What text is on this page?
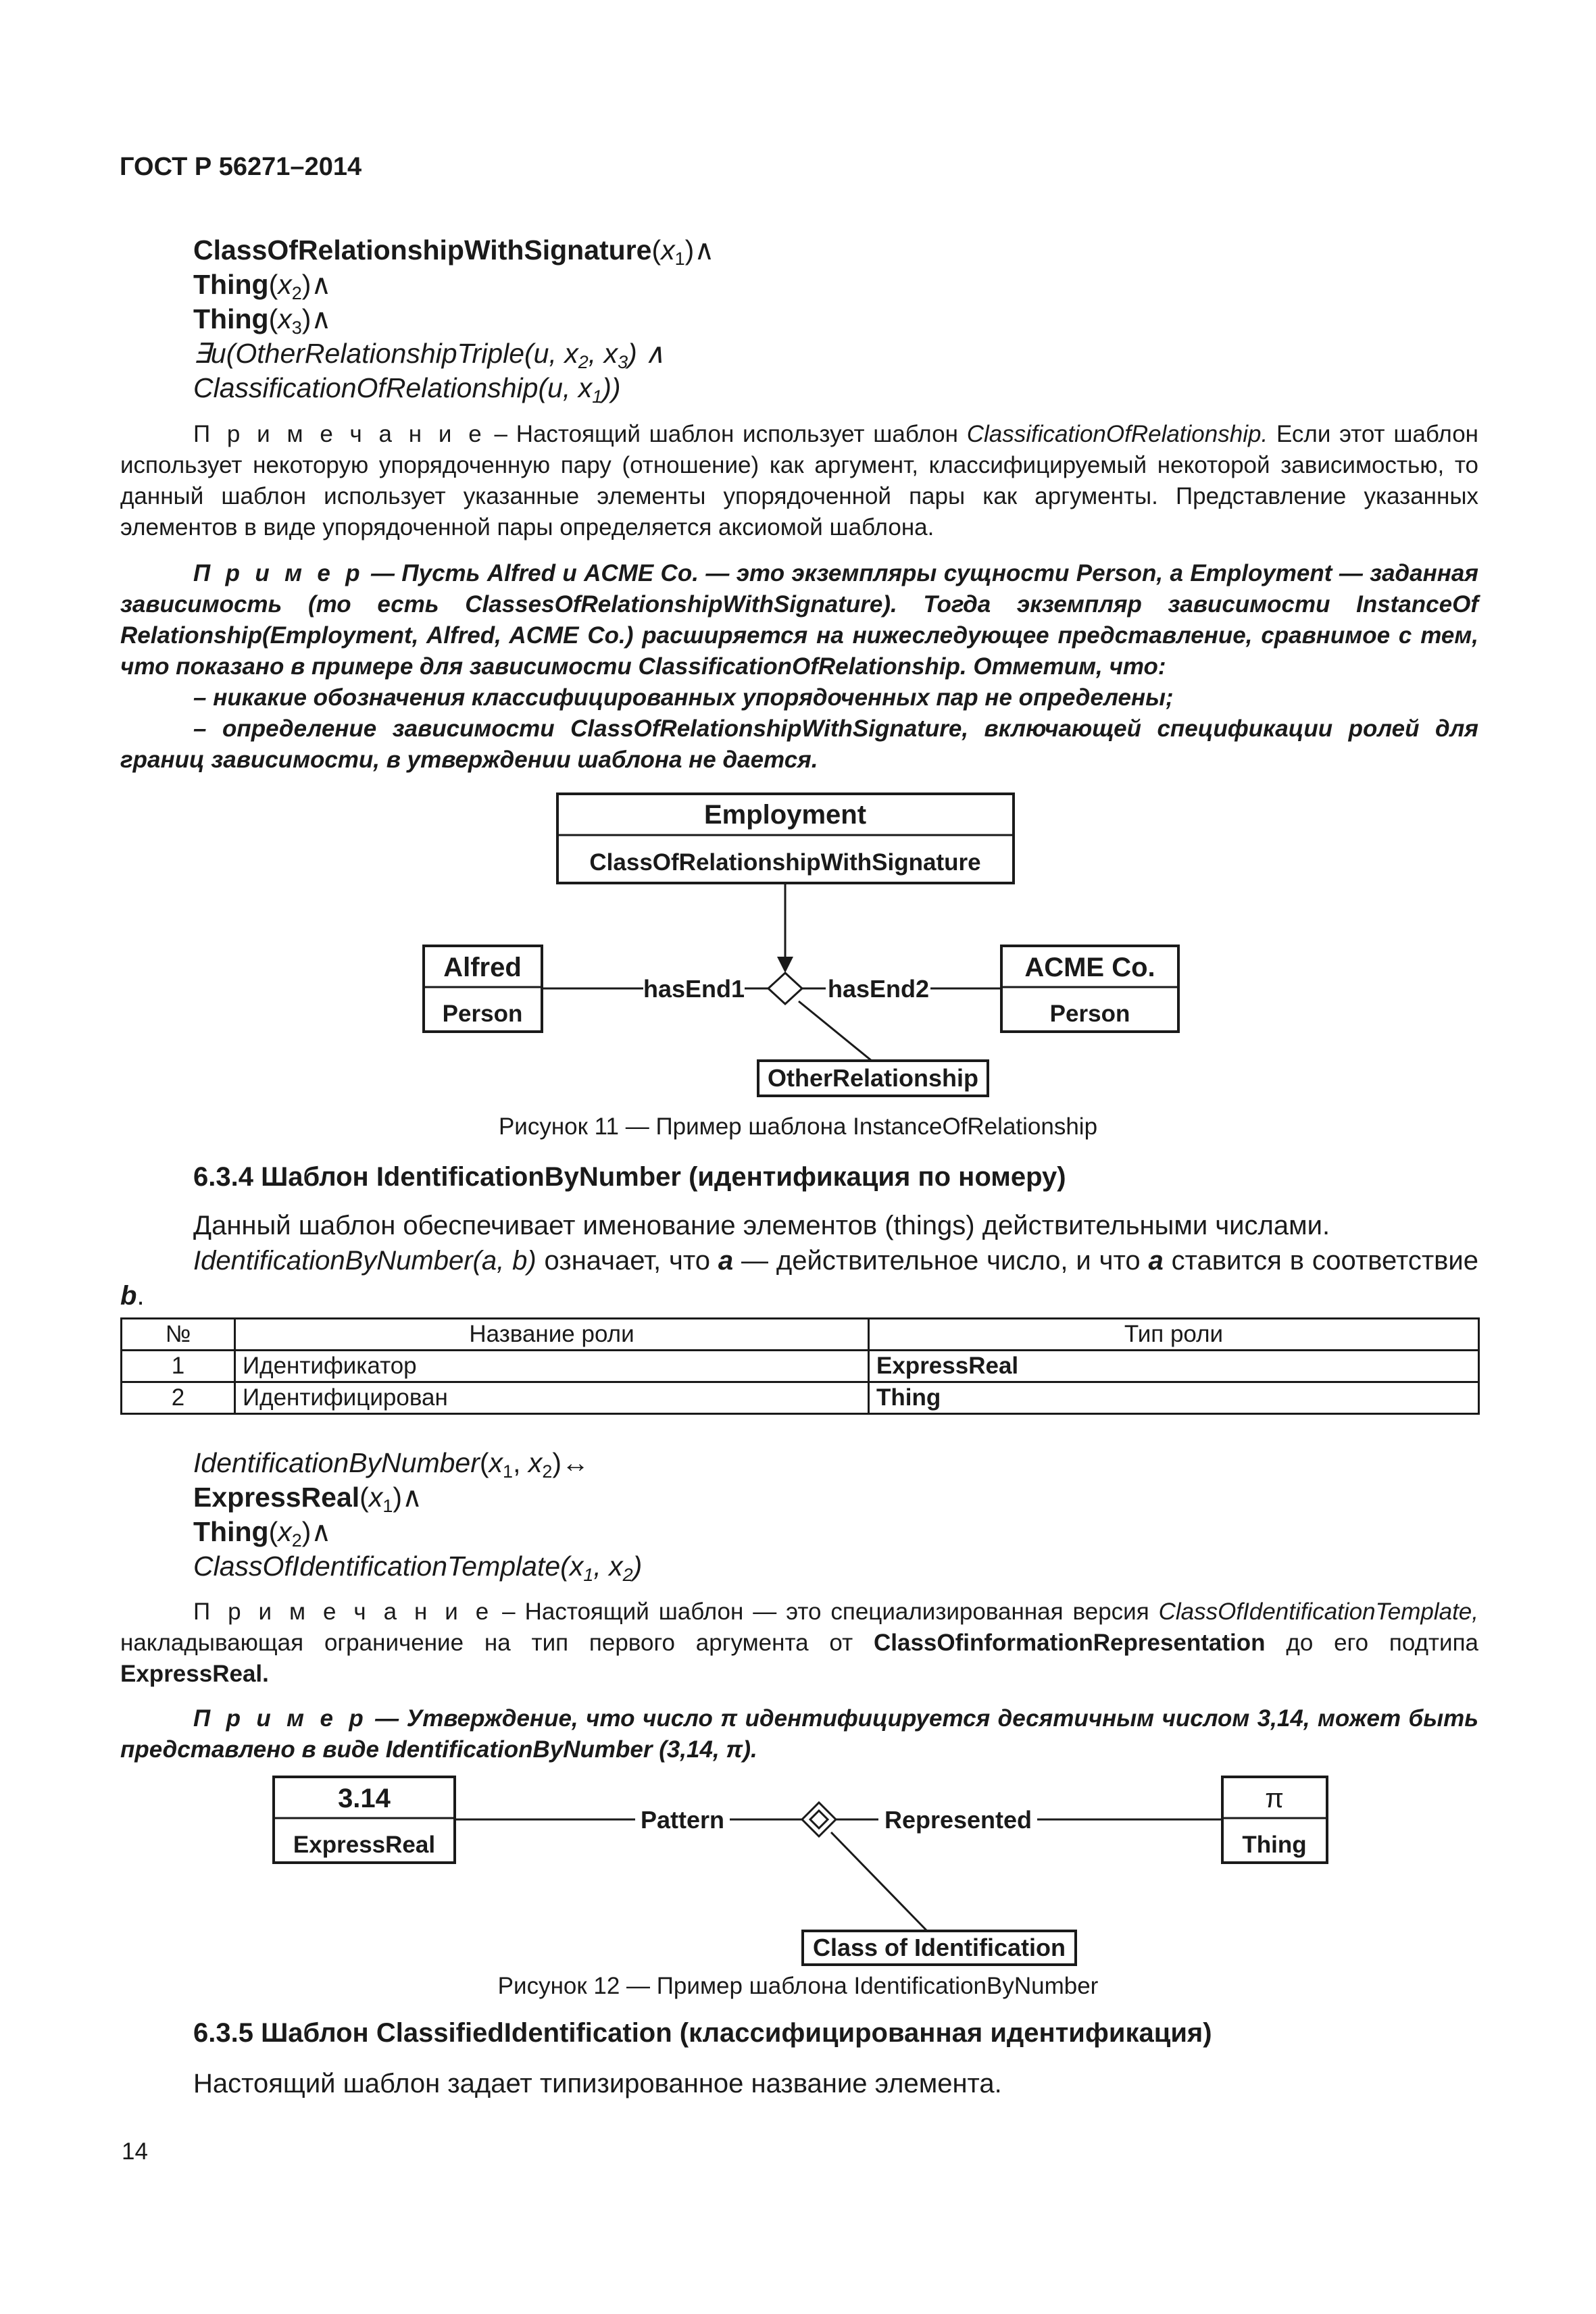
ГОСТ Р 56271–2014
$ClassOfRelationshipWithSignature(x_1)\wedge$
$Thing(x_2)\wedge$
$Thing(x_3)\wedge$
∃u(OtherRelationshipTriple(u, $x_2$, $x_3$) ∧
ClassificationOfRelationship(u, $x_1$))
П р и м е ч а н и е – Настоящий шаблон использует шаблон ClassificationOfRelationship. Если этот шаблон использует некоторую упорядоченную пару (отношение) как аргумент, классифицируемый некоторой зависимостью, то данный шаблон использует указанные элементы упорядоченной пары как аргументы. Представление указанных элементов в виде упорядоченной пары определяется аксиомой шаблона.
П р и м е р — Пусть Alfred и ACME Co. — это экземпляры сущности Person, а Employment — заданная зависимость (то есть ClassesOfRelationshipWithSignature). Тогда экземпляр зависимости InstanceOf Relationship(Employment, Alfred, ACME Co.) расширяется на нижеследующее представление, сравнимое с тем, что показано в примере для зависимости ClassificationOfRelationship. Отметим, что:
– никакие обозначения классифицированных упорядоченных пар не определены;
– определение зависимости ClassOfRelationshipWithSignature, включающей спецификации ролей для границ зависимости, в утверждении шаблона не дается.
Employment
ClassOfRelationshipWithSignature
Alfred
Person
ACME Co.
Person
hasEnd1	hasEnd2
OtherRelationship
Рисунок 11 — Пример шаблона InstanceOfRelationship
6.3.4 Шаблон IdentificationByNumber (идентификация по номеру)
Данный шаблон обеспечивает именование элементов (things) действительными числами.
IdentificationByNumber(a, b) означает, что a — действительное число, и что a ставится в соответствие b.
№	Название роли	Тип роли
1	Идентификатор	ExpressReal
2	Идентифицирован	Thing
$IdentificationByNumber(x_1$, $x_2)\leftrightarrow$
$ExpressReal(x_1)\wedge$
$Thing(x_2)\wedge$
$ClassOfIdentificationTemplate(x_1$, $x_2$)
П р и м е ч а н и е – Настоящий шаблон — это специализированная версия ClassOfIdentificationTemplate, накладывающая ограничение на тип первого аргумента от ClassOfinformationRepresentation до его подтипа ExpressReal.
П р и м е р — Утверждение, что число π идентифицируется десятичным числом 3,14, может быть представлено в виде IdentificationByNumber (3,14, π).
3.14
ExpressReal
π
Thing
Pattern	Represented
Class of Identification
Рисунок 12 — Пример шаблона IdentificationByNumber
6.3.5 Шаблон ClassifiedIdentification (классифицированная идентификация)
Настоящий шаблон задает типизированное название элемента.
14
